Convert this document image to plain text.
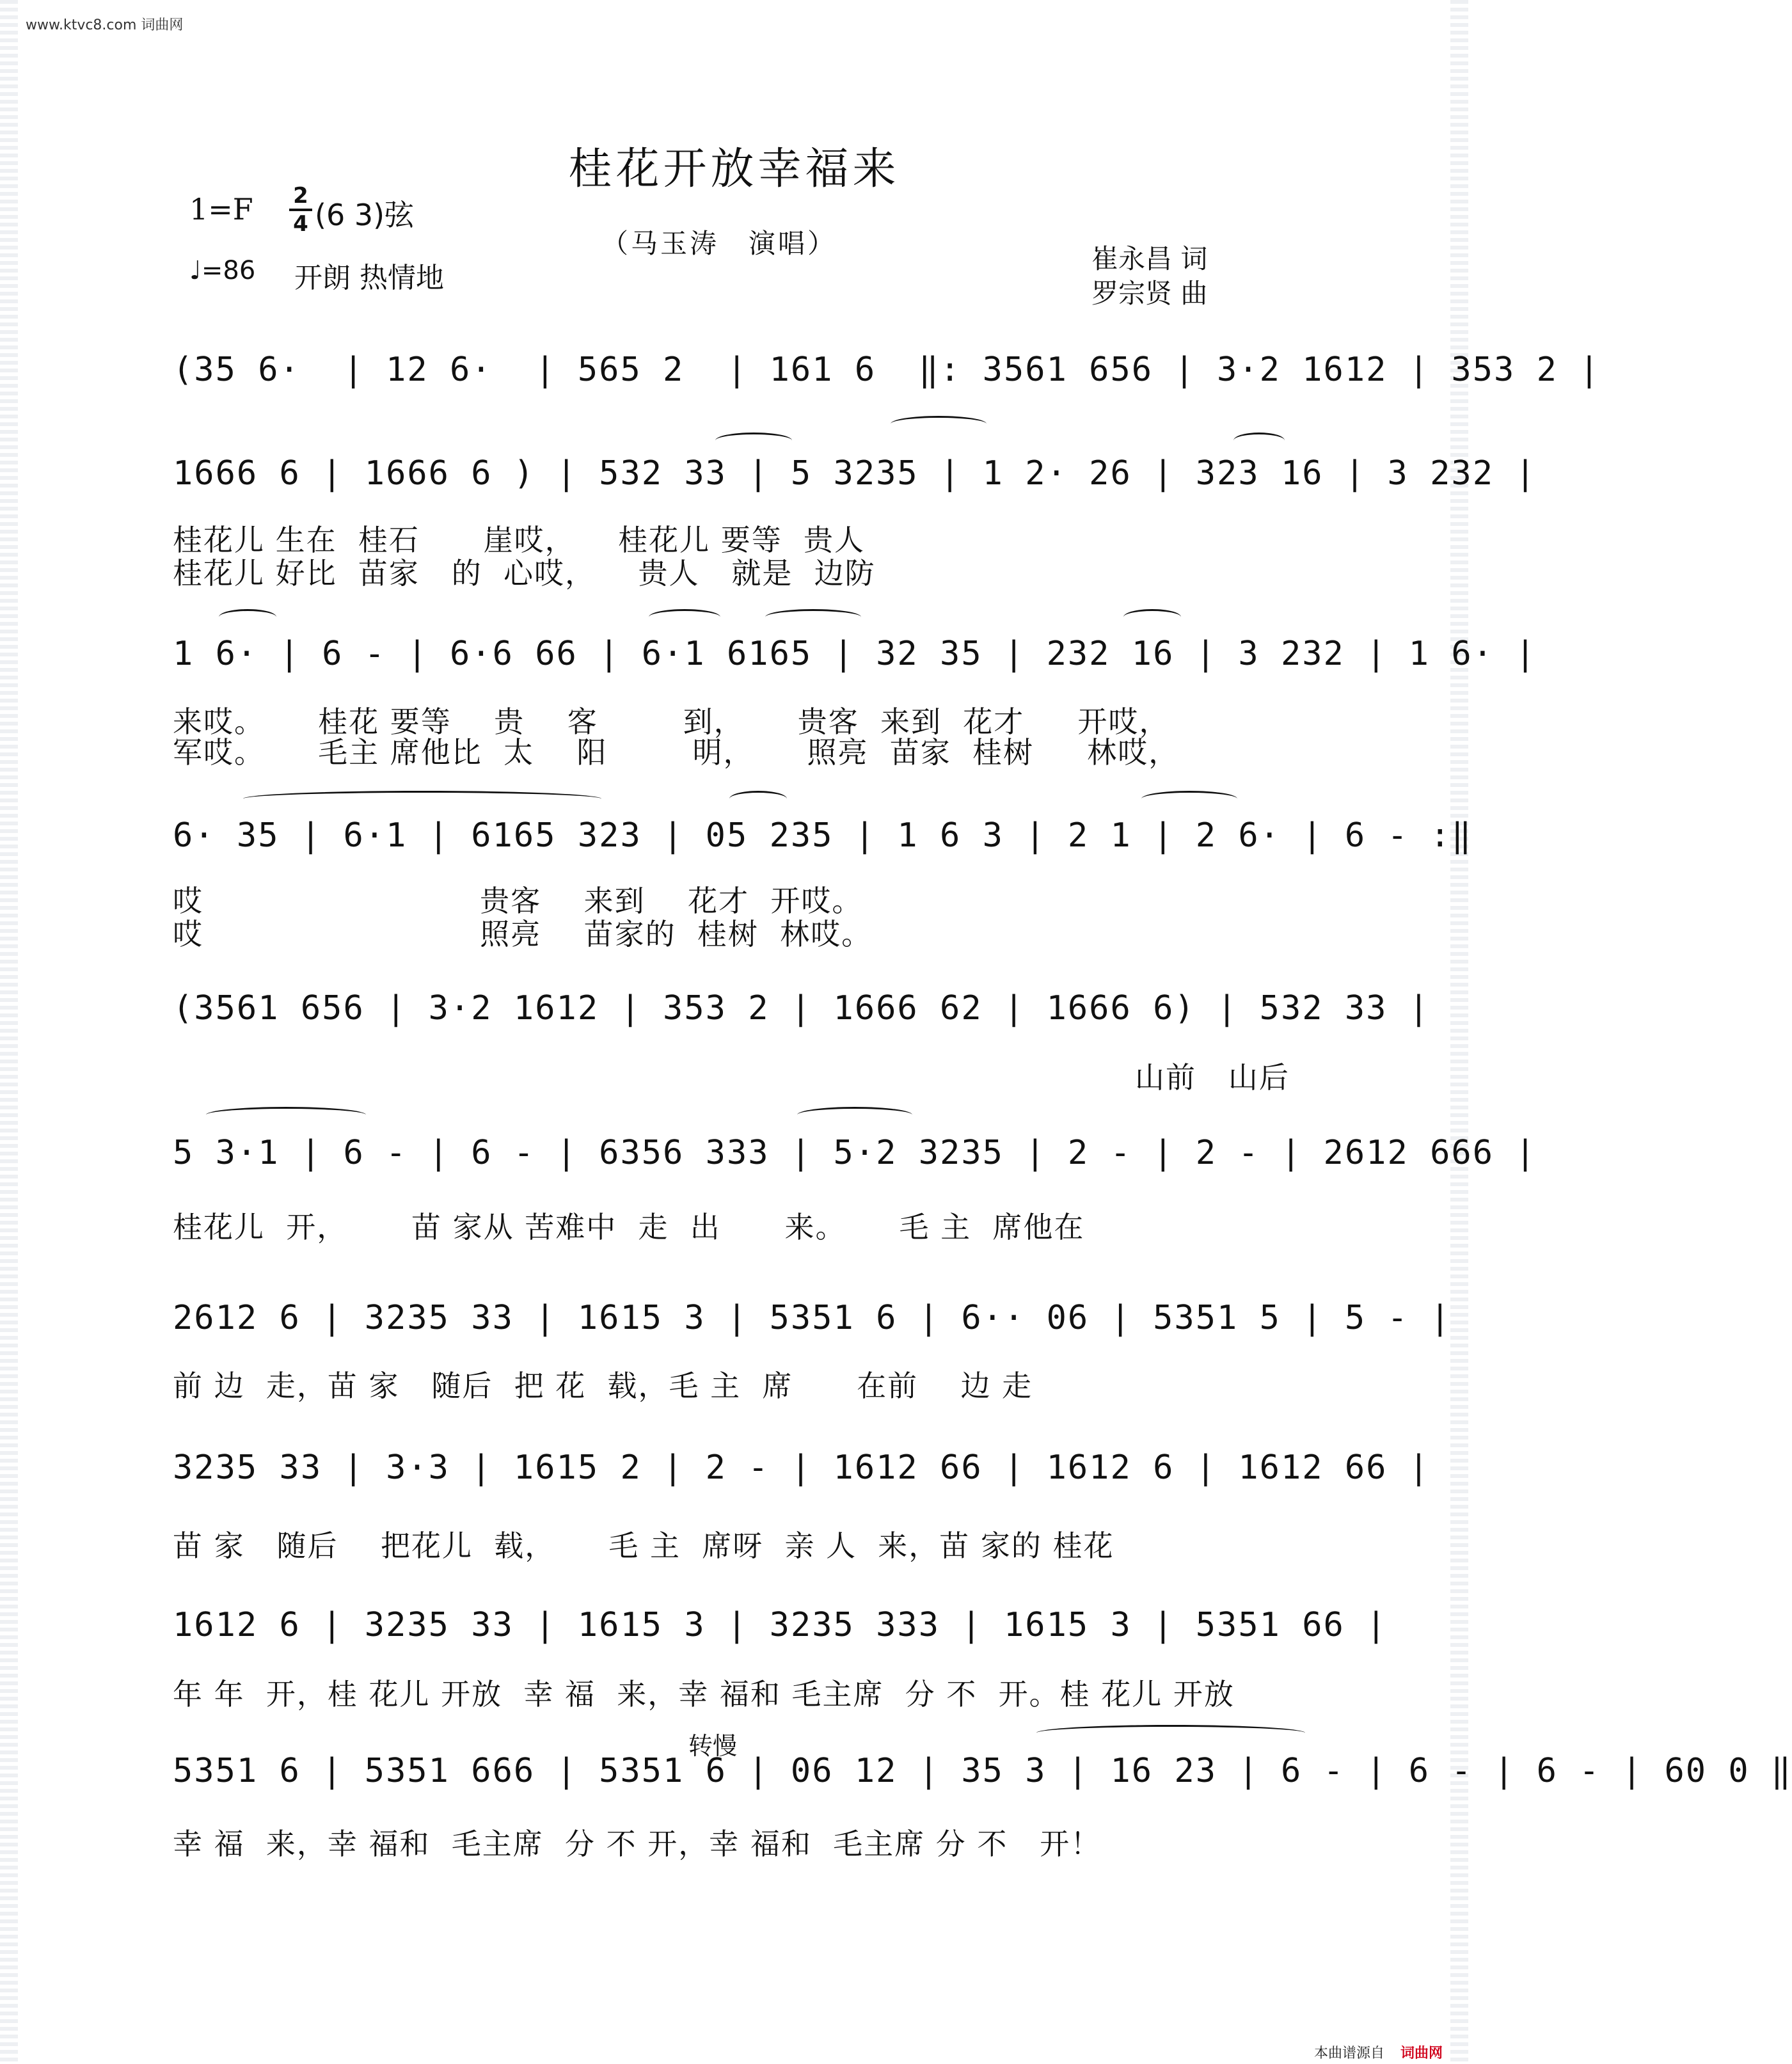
www.ktvc8.com 词曲网
桂花开放幸福来
1=F 2
4 (6 3)弦
（马玉涛　演唱）
♩=86 开朗 热情地
崔永昌 词
罗宗贤 曲
(35 6·  | 12 6·  | 565 2  | 161 6  ‖: 3561 656 | 3·2 1612 | 353 2 |
1666 6 | 1666 6 ) | 532 33 | 5 3235 | 1 2· 26 | 323 16 | 3 232 |
桂花儿 生在  桂石      崖哎，    桂花儿 要等  贵人
桂花儿 好比  苗家   的  心哎，    贵人   就是  边防
1 6· | 6 - | 6·6 66 | 6·1 6165 | 32 35 | 232 16 | 3 232 | 1 6· |
来哎。     桂花 要等    贵    客        到，     贵客  来到  花才     开哎，
军哎。     毛主 席他比  太    阳        明，     照亮  苗家  桂树     林哎，
6· 35 | 6·1 | 6165 323 | 05 235 | 1 6 3 | 2 1 | 2 6· | 6 - :‖
哎                          贵客    来到    花才  开哎。
哎                          照亮    苗家的  桂树  林哎。
(3561 656 | 3·2 1612 | 353 2 | 1666 62 | 1666 6) | 532 33 |
山前   山后
5 3·1 | 6 - | 6 - | 6356 333 | 5·2 3235 | 2 - | 2 - | 2612 666 |
桂花儿  开，      苗 家从 苦难中  走  出      来。     毛 主  席他在
2612 6 | 3235 33 | 1615 3 | 5351 6 | 6·· 06 | 5351 5 | 5 - |
前 边  走，苗 家   随后  把 花  载，毛 主  席      在前    边 走
3235 33 | 3·3 | 1615 2 | 2 - | 1612 66 | 1612 6 | 1612 66 |
苗 家   随后    把花儿  载，     毛 主  席呀  亲 人  来，苗 家的 桂花
1612 6 | 3235 33 | 1615 3 | 3235 333 | 1615 3 | 5351 66 |
年 年  开，桂 花儿 开放  幸 福  来，幸 福和 毛主席  分 不  开。桂 花儿 开放
转慢
5351 6 | 5351 666 | 5351 6 | 06 12 | 35 3 | 16 23 | 6 - | 6 - | 6 - | 60 0 ‖
幸 福  来，幸 福和  毛主席  分 不 开，幸 福和  毛主席 分 不   开！
本曲谱源自 词曲网
